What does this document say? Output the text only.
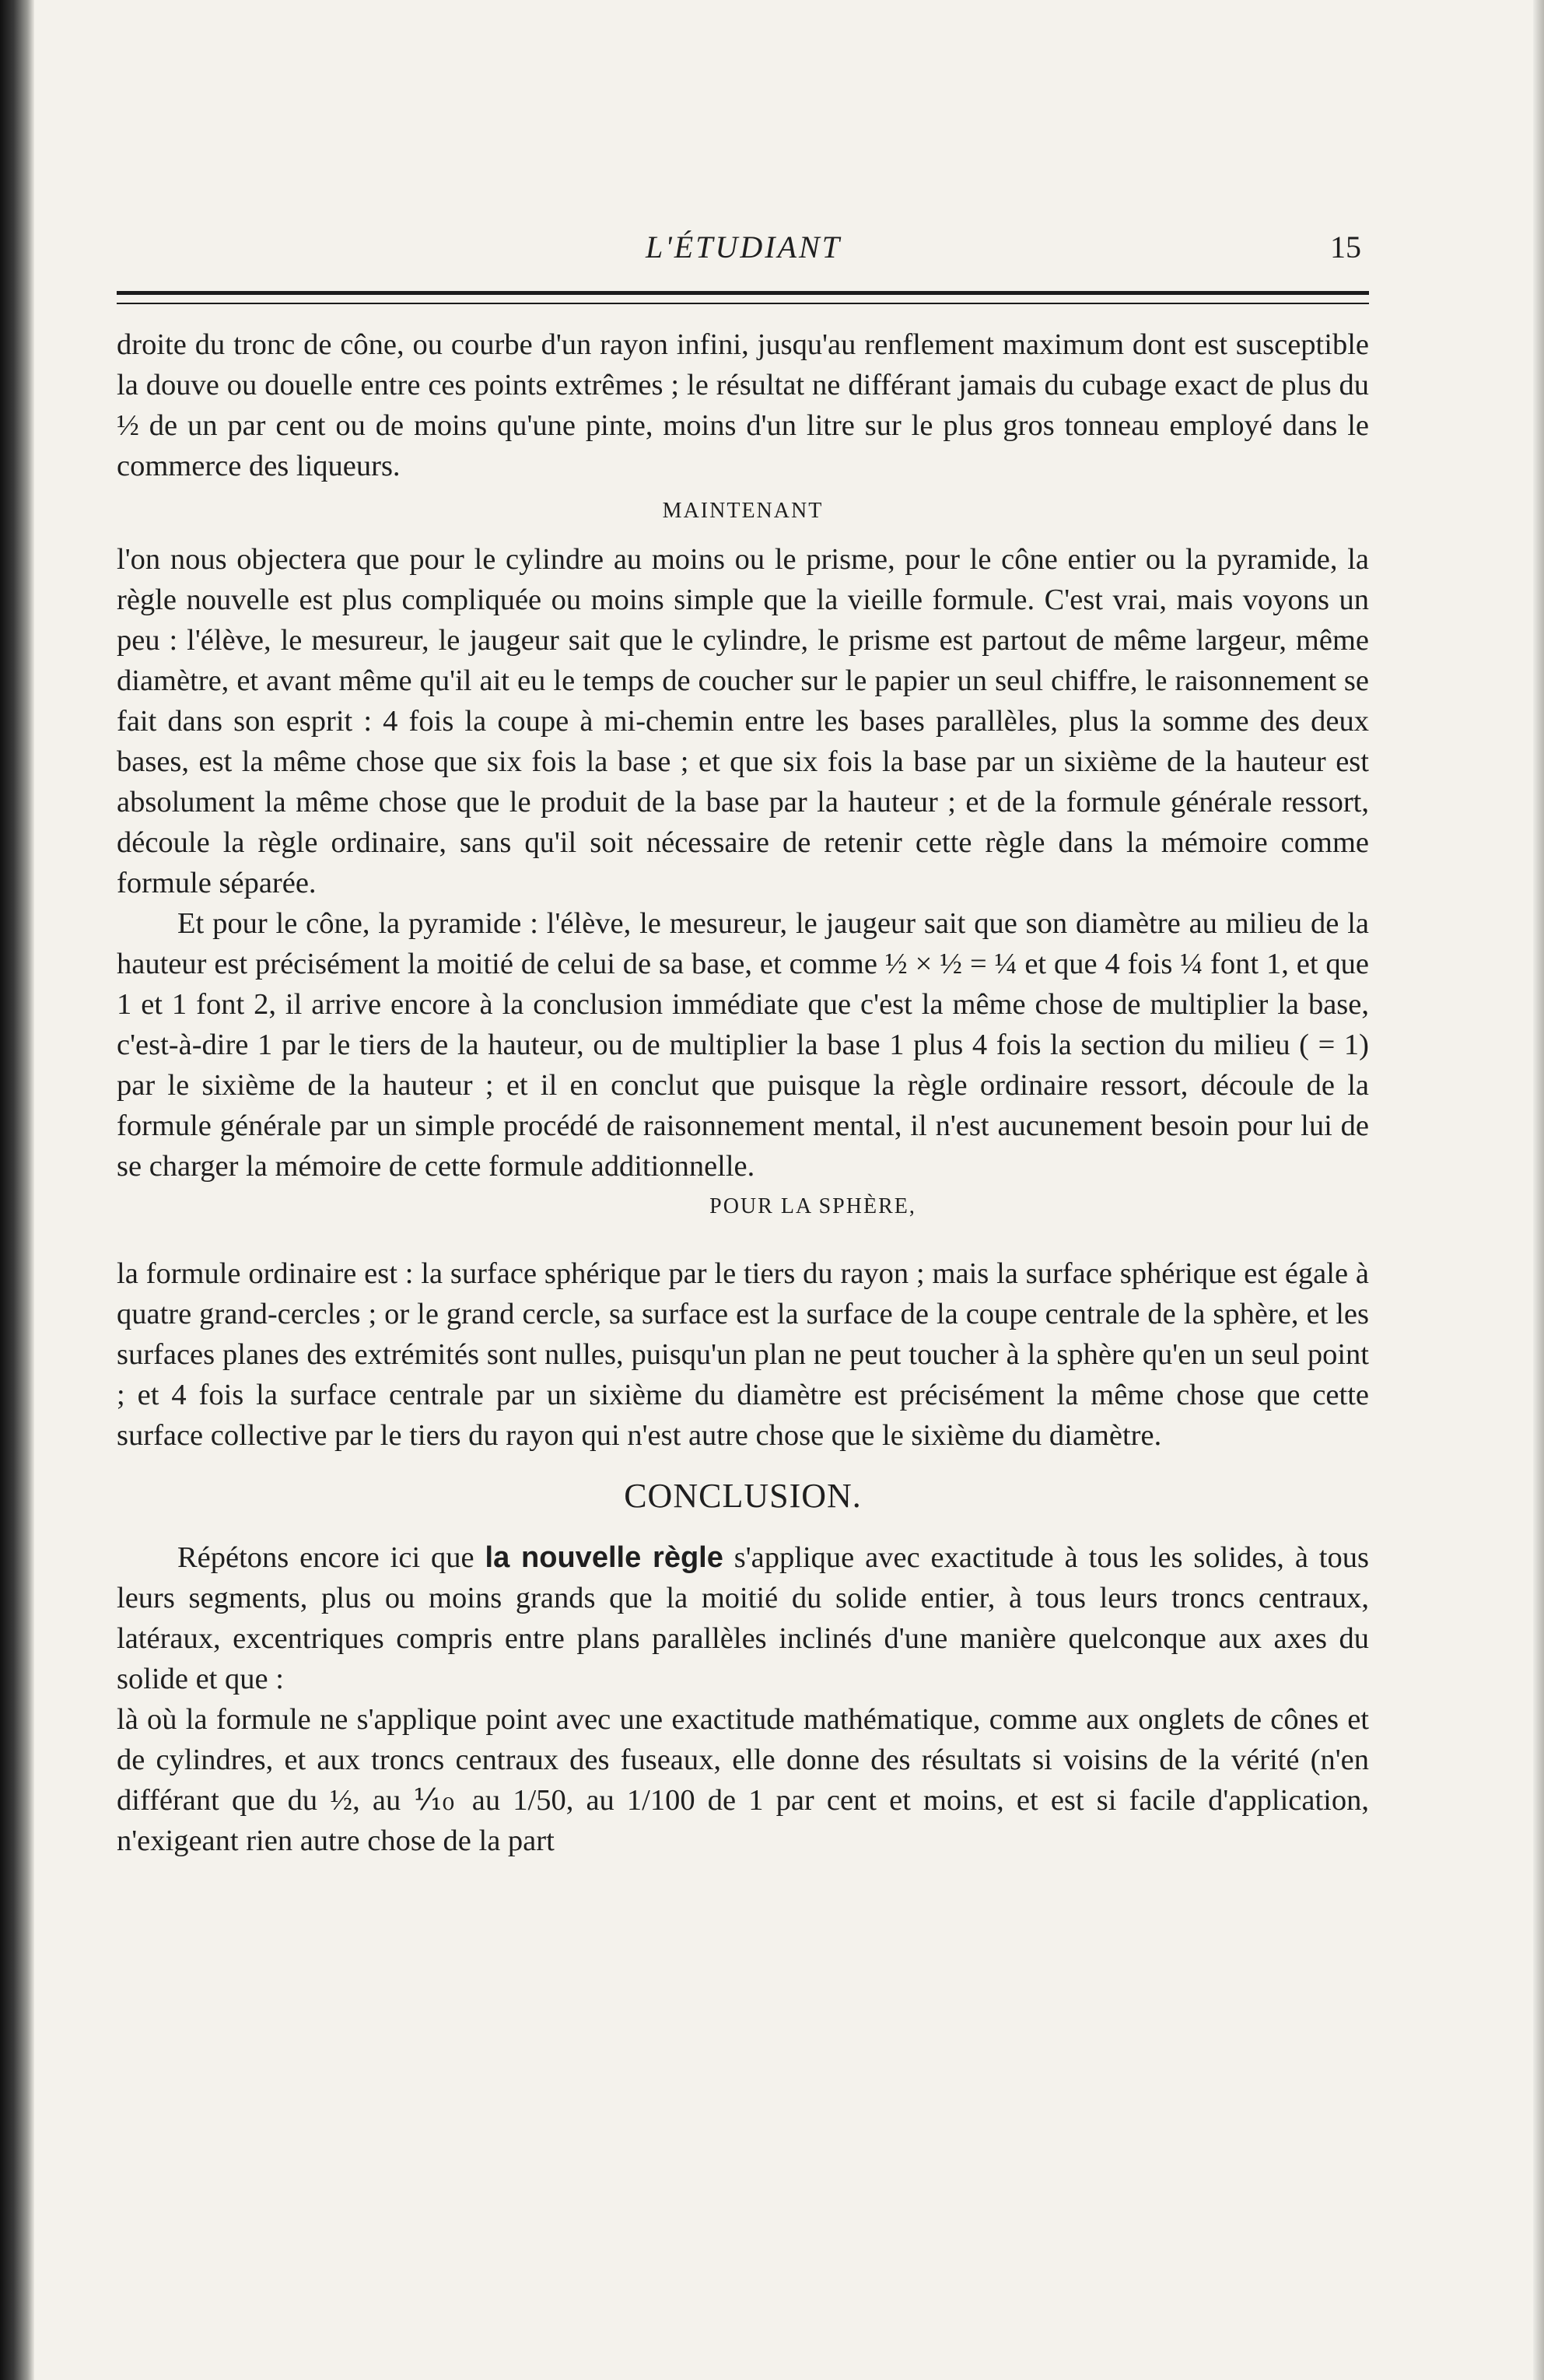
L'ÉTUDIANT	15

droite du tronc de cône, ou courbe d'un rayon infini, jusqu'au renflement maximum dont est susceptible la douve ou douelle entre ces points extrêmes ; le résultat ne différant jamais du cubage exact de plus du ½ de un par cent ou de moins qu'une pinte, moins d'un litre sur le plus gros tonneau employé dans le commerce des liqueurs.

MAINTENANT

l'on nous objectera que pour le cylindre au moins ou le prisme, pour le cône entier ou la pyramide, la règle nouvelle est plus compliquée ou moins simple que la vieille formule. C'est vrai, mais voyons un peu : l'élève, le mesureur, le jaugeur sait que le cylindre, le prisme est partout de même largeur, même diamètre, et avant même qu'il ait eu le temps de coucher sur le papier un seul chiffre, le raisonnement se fait dans son esprit : 4 fois la coupe à mi-chemin entre les bases parallèles, plus la somme des deux bases, est la même chose que six fois la base ; et que six fois la base par un sixième de la hauteur est absolument la même chose que le produit de la base par la hauteur ; et de la formule générale ressort, découle la règle ordinaire, sans qu'il soit nécessaire de retenir cette règle dans la mémoire comme formule séparée.

Et pour le cône, la pyramide : l'élève, le mesureur, le jaugeur sait que son diamètre au milieu de la hauteur est précisément la moitié de celui de sa base, et comme ½ × ½ = ¼ et que 4 fois ¼ font 1, et que 1 et 1 font 2, il arrive encore à la conclusion immédiate que c'est la même chose de multiplier la base, c'est-à-dire 1 par le tiers de la hauteur, ou de multiplier la base 1 plus 4 fois la section du milieu ( = 1) par le sixième de la hauteur ; et il en conclut que puisque la règle ordinaire ressort, découle de la formule générale par un simple procédé de raisonnement mental, il n'est aucunement besoin pour lui de se charger la mémoire de cette formule additionnelle.

POUR LA SPHÈRE,

la formule ordinaire est : la surface sphérique par le tiers du rayon ; mais la surface sphérique est égale à quatre grand-cercles ; or le grand cercle, sa surface est la surface de la coupe centrale de la sphère, et les surfaces planes des extrémités sont nulles, puisqu'un plan ne peut toucher à la sphère qu'en un seul point ; et 4 fois la surface centrale par un sixième du diamètre est précisément la même chose que cette surface collective par le tiers du rayon qui n'est autre chose que le sixième du diamètre.

CONCLUSION.

Répétons encore ici que la nouvelle règle s'applique avec exactitude à tous les solides, à tous leurs segments, plus ou moins grands que la moitié du solide entier, à tous leurs troncs centraux, latéraux, excentriques compris entre plans parallèles inclinés d'une manière quelconque aux axes du solide et que :

là où la formule ne s'applique point avec une exactitude mathématique, comme aux onglets de cônes et de cylindres, et aux troncs centraux des fuseaux, elle donne des résultats si voisins de la vérité (n'en différant que du ½, au ⅒ au 1/50, au 1/100 de 1 par cent et moins, et est si facile d'application, n'exigeant rien autre chose de la part
